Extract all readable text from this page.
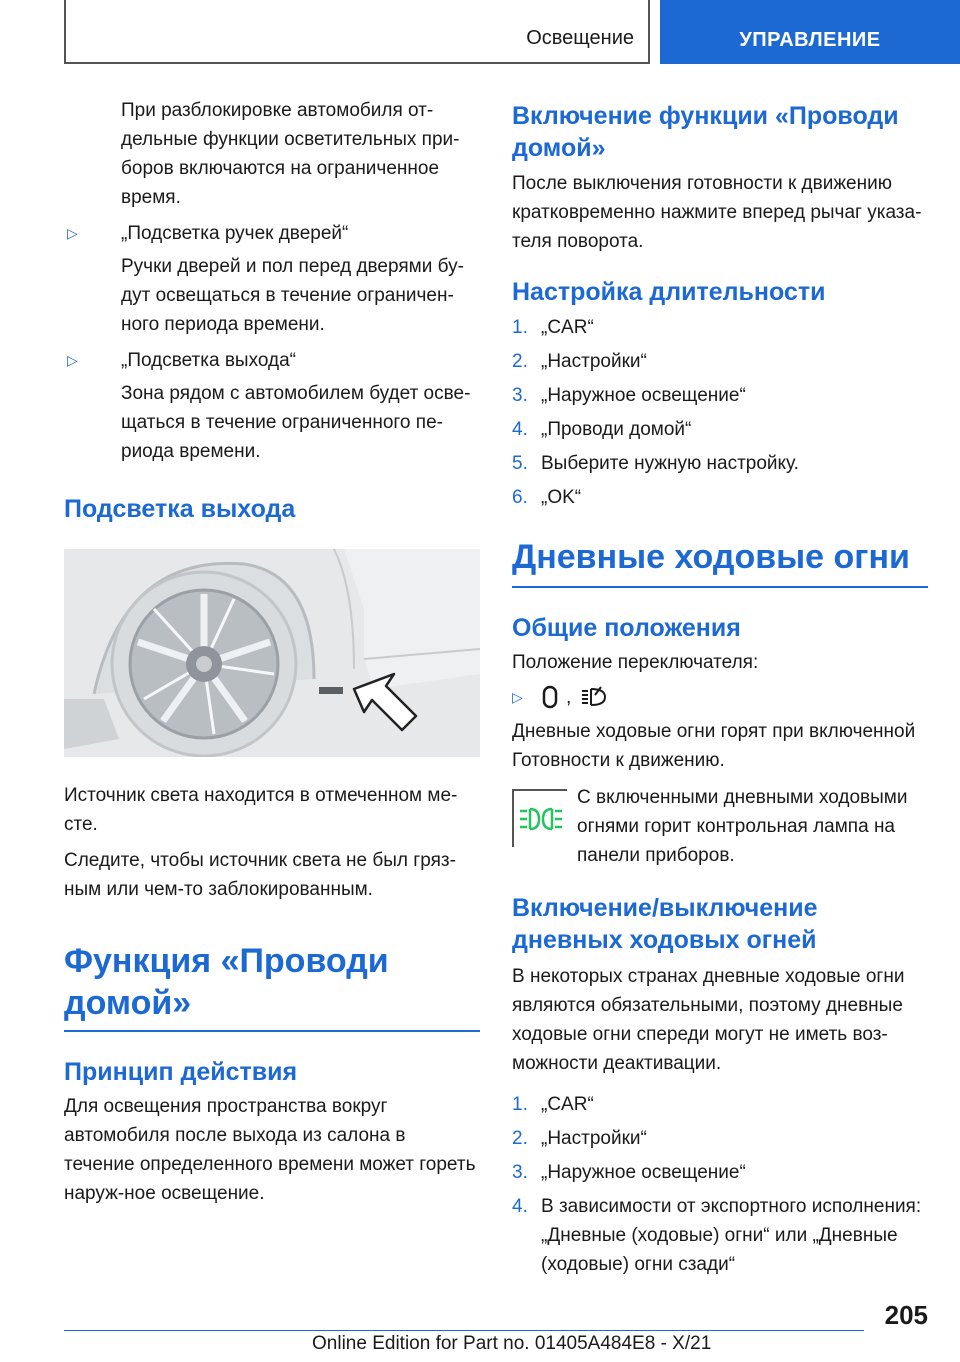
Освещение	УПРАВЛЕНИЕ

При разблокировке автомобиля от-дельные функции осветительных при-боров включаются на ограниченное время.

▷	„Подсветка ручек дверей“

Ручки дверей и пол перед дверями бу-дут освещаться в течение ограничен-ного периода времени.

▷	„Подсветка выхода“

Зона рядом с автомобилем будет осве-щаться в течение ограниченного пе-риода времени.

Подсветка выхода

Источник света находится в отмеченном ме-сте.

Следите, чтобы источник света не был гряз-ным или чем-то заблокированным.

Функция «Проводи домой»
Принцип действия

Для освещения пространства вокруг автомобиля после выхода из салона в течение определенного времени может гореть наруж-ное освещение.

Включение функции «Проводи домой»

После выключения готовности к движению кратковременно нажмите вперед рычаг указа-теля поворота.

Настройка длительности
1. „CAR“
2. „Настройки“
3. „Наружное освещение“
4. „Проводи домой“
5. Выберите нужную настройку.
6. „OK“
Дневные ходовые огни
Общие положения

Положение переключателя:

▷	,

Дневные ходовые огни горят при включенной Готовности к движению.

С включенными дневными ходовыми огнями горит контрольная лампа на панели приборов.

Включение/выключение дневных ходовых огней

В некоторых странах дневные ходовые огни являются обязательными, поэтому дневные ходовые огни спереди могут не иметь воз-можности деактивации.

1. „CAR“
2. „Настройки“
3. „Наружное освещение“
4. В зависимости от экспортного исполнения: „Дневные (ходовые) огни“ или „Дневные (ходовые) огни сзади“
205
Online Edition for Part no. 01405A484E8 - X/21
